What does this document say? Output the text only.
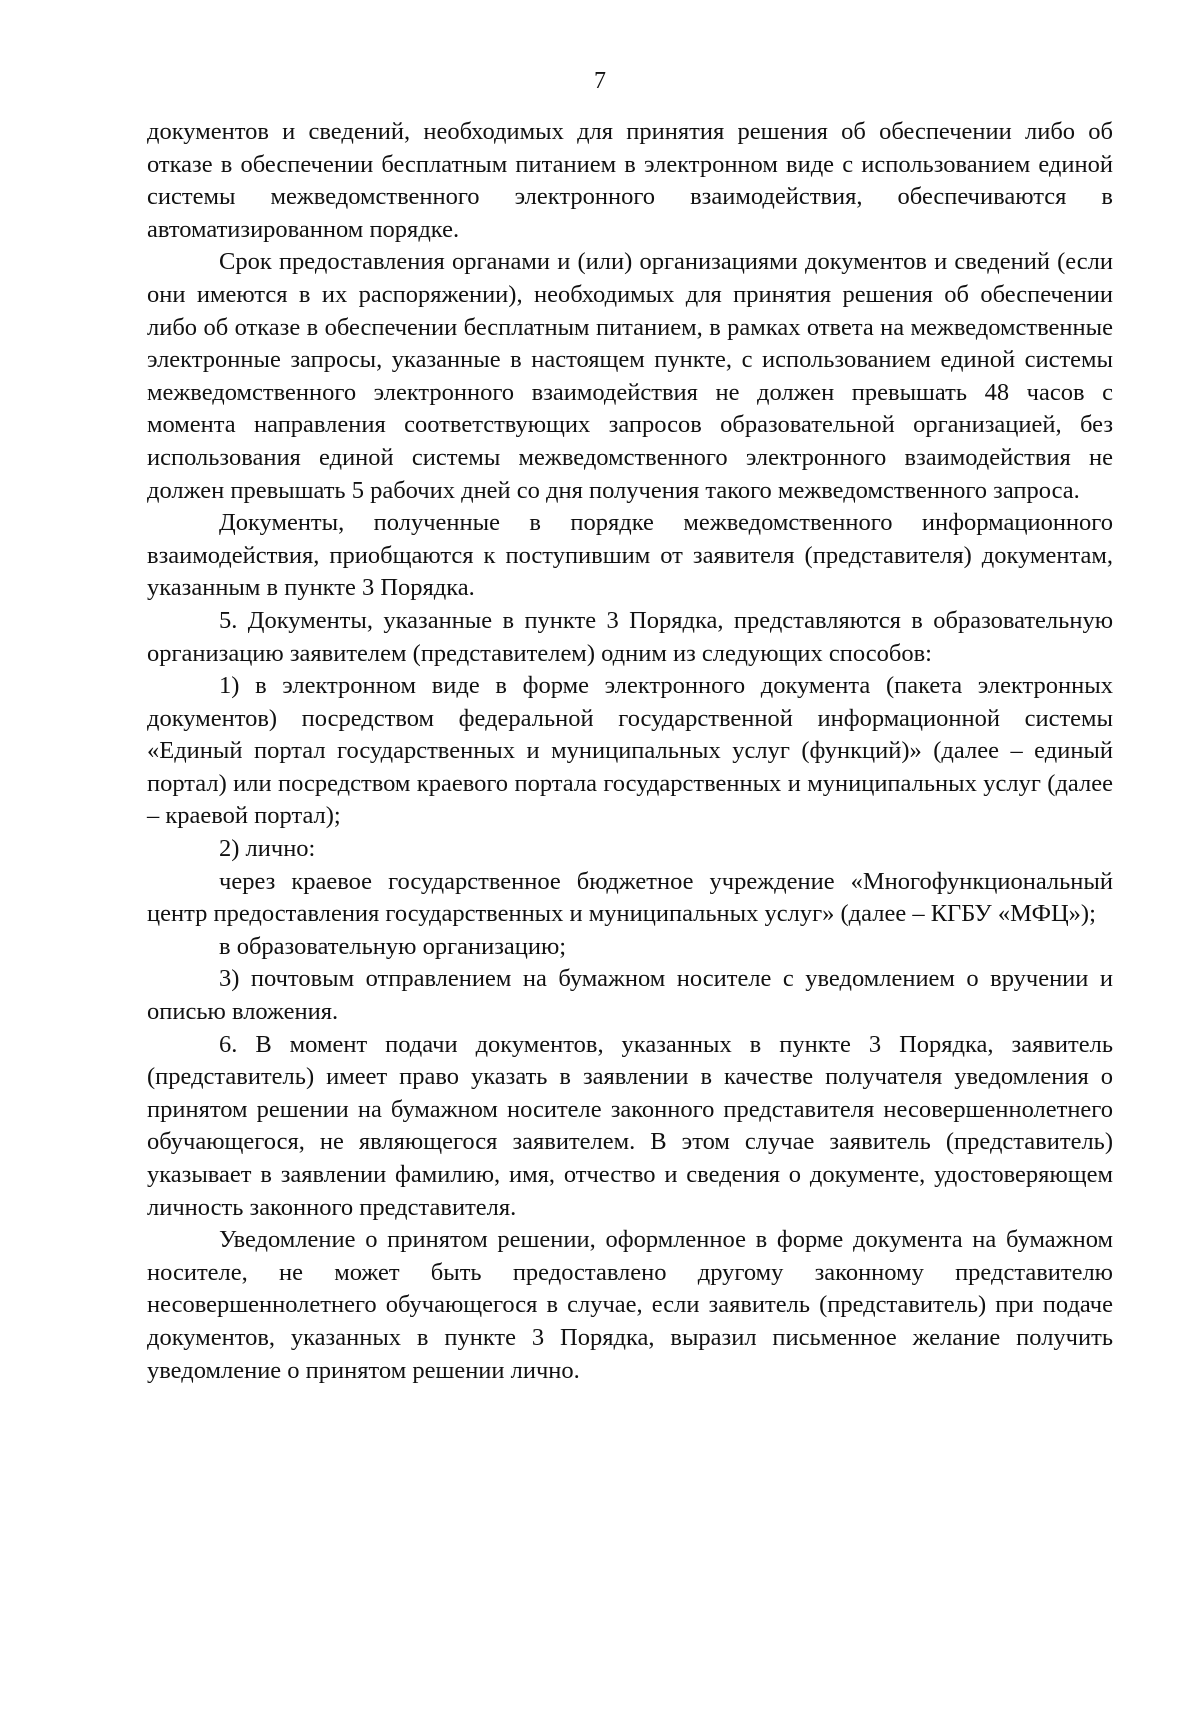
7

документов и сведений, необходимых для принятия решения об обеспечении либо об отказе в обеспечении бесплатным питанием в электронном виде с использованием единой системы межведомственного электронного взаимодействия, обеспечиваются в автоматизированном порядке.

Срок предоставления органами и (или) организациями документов и сведений (если они имеются в их распоряжении), необходимых для принятия решения об обеспечении либо об отказе в обеспечении бесплатным питанием, в рамках ответа на межведомственные электронные запросы, указанные в настоящем пункте, с использованием единой системы межведомственного электронного взаимодействия не должен превышать 48 часов с момента направления соответствующих запросов образовательной организацией, без использования единой системы межведомственного электронного взаимодействия не должен превышать 5 рабочих дней со дня получения такого межведомственного запроса.

Документы, полученные в порядке межведомственного информационного взаимодействия, приобщаются к поступившим от заявителя (представителя) документам, указанным в пункте 3 Порядка.

5. Документы, указанные в пункте 3 Порядка, представляются в образовательную организацию заявителем (представителем) одним из следующих способов:

1) в электронном виде в форме электронного документа (пакета электронных документов) посредством федеральной государственной информационной системы «Единый портал государственных и муниципальных услуг (функций)» (далее – единый портал) или посредством краевого портала государственных и муниципальных услуг (далее – краевой портал);

2) лично:

через краевое государственное бюджетное учреждение «Многофункциональный центр предоставления государственных и муниципальных услуг» (далее – КГБУ «МФЦ»);

в образовательную организацию;

3) почтовым отправлением на бумажном носителе с уведомлением о вручении и описью вложения.

6. В момент подачи документов, указанных в пункте 3 Порядка, заявитель (представитель) имеет право указать в заявлении в качестве получателя уведомления о принятом решении на бумажном носителе законного представителя несовершеннолетнего обучающегося, не являющегося заявителем. В этом случае заявитель (представитель) указывает в заявлении фамилию, имя, отчество и сведения о документе, удостоверяющем личность законного представителя.

Уведомление о принятом решении, оформленное в форме документа на бумажном носителе, не может быть предоставлено другому законному представителю несовершеннолетнего обучающегося в случае, если заявитель (представитель) при подаче документов, указанных в пункте 3 Порядка, выразил письменное желание получить уведомление о принятом решении лично.
